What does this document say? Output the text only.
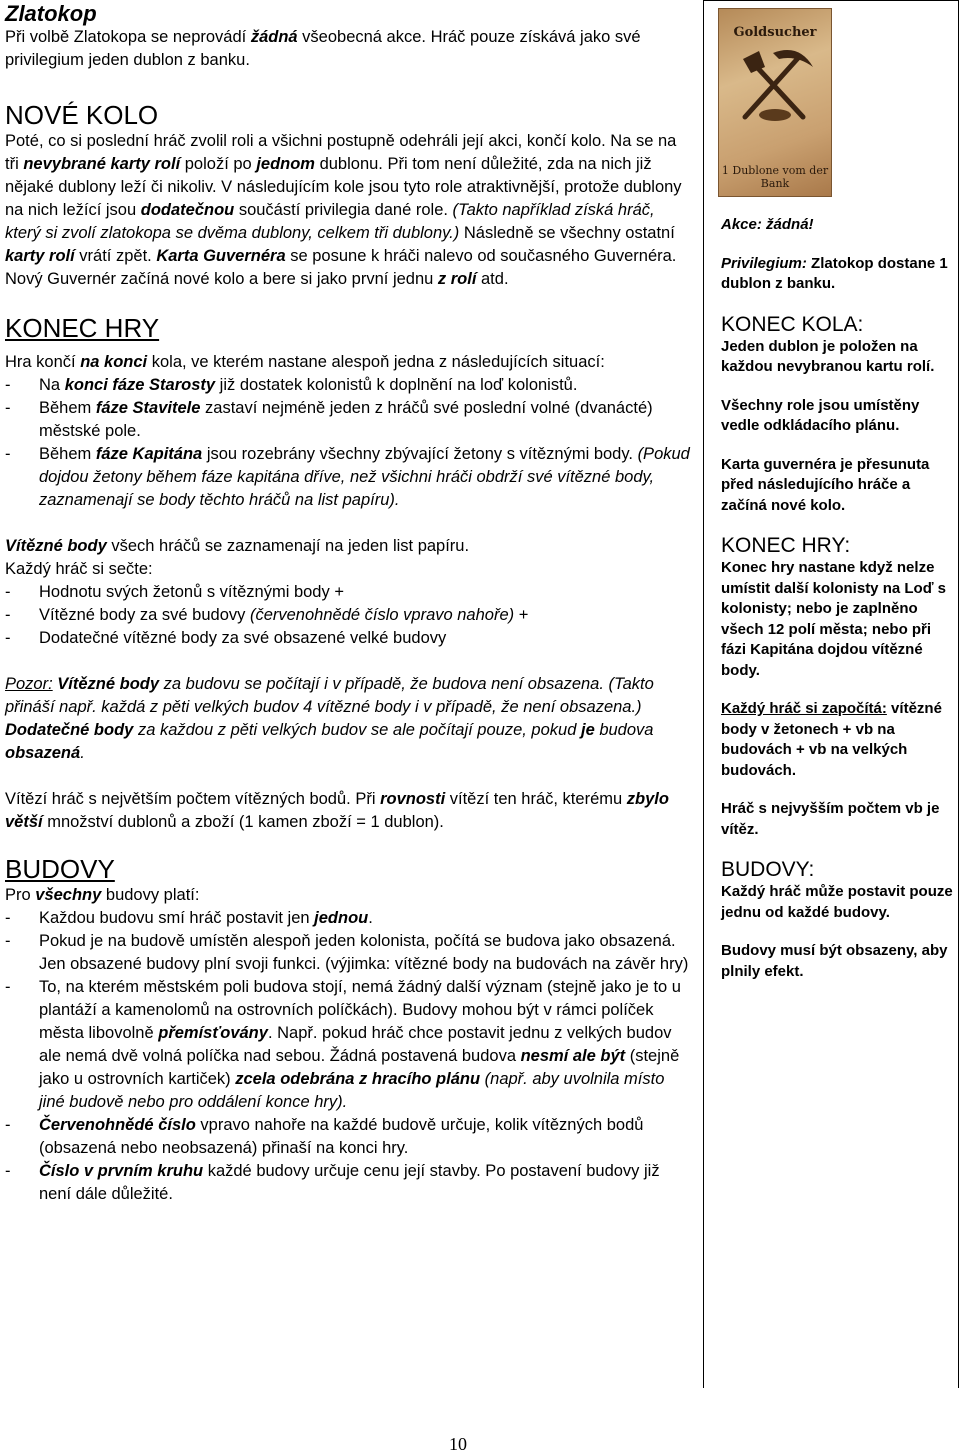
Zlatokop

Při volbě Zlatokopa se neprovádí žádná všeobecná akce. Hráč pouze získává jako své privilegium jeden dublon z banku.

NOVÉ KOLO

Poté, co si poslední hráč zvolil roli a všichni postupně odehráli její akci, končí kolo. Na se na tři nevybrané karty rolí položí po jednom dublonu. Při tom není důležité, zda na nich již nějaké dublony leží či nikoliv. V následujícím kole jsou tyto role atraktivnější, protože dublony na nich ležící jsou dodatečnou součástí privilegia dané role. (Takto například získá hráč, který si zvolí zlatokopa se dvěma dublony, celkem tři dublony.) Následně se všechny ostatní karty rolí vrátí zpět. Karta Guvernéra se posune k hráči nalevo od současného Guvernéra. Nový Guvernér začíná nové kolo a bere si jako první jednu z rolí atd.

KONEC HRY

Hra končí na konci kola, ve kterém nastane alespoň jedna z následujících situací:

-	Na konci fáze Starosty již dostatek kolonistů k doplnění na loď kolonistů.
-	Během fáze Stavitele zastaví nejméně jeden z hráčů své poslední volné (dvanácté) městské pole.
-	Během fáze Kapitána jsou rozebrány všechny zbývající žetony s vítěznými body. (Pokud dojdou žetony během fáze kapitána dříve, než všichni hráči obdrží své vítězné body, zaznamenají se body těchto hráčů na list papíru).

Vítězné body všech hráčů se zaznamenají na jeden list papíru.

Každý hráč si sečte:

-	Hodnotu svých žetonů s vítěznými body +
-	Vítězné body za své budovy (červenohnědé číslo vpravo nahoře) +
-	Dodatečné vítězné body za své obsazené velké budovy

Pozor: Vítězné body za budovu se počítají i v případě, že budova není obsazena. (Takto přináší např. každá z pěti velkých budov 4 vítězné body i v případě, že není obsazena.)

Dodatečné body za každou z pěti velkých budov se ale počítají pouze, pokud je budova obsazená.

Vítězí hráč s největším počtem vítězných bodů. Při rovnosti vítězí ten hráč, kterému zbylo větší množství dublonů a zboží (1 kamen zboží = 1 dublon).

BUDOVY

Pro všechny budovy platí:

-	Každou budovu smí hráč postavit jen jednou.
-	Pokud je na budově umístěn alespoň jeden kolonista, počítá se budova jako obsazená. Jen obsazené budovy plní svoji funkci. (výjimka: vítězné body na budovách na závěr hry)
-	To, na kterém městském poli budova stojí, nemá žádný další význam (stejně jako je to u plantáží a kamenolomů na ostrovních políčkách). Budovy mohou být v rámci políček města libovolně přemísťovány. Např. pokud hráč chce postavit jednu z velkých budov ale nemá dvě volná políčka nad sebou. Žádná postavená budova nesmí ale být (stejně jako u ostrovních kartiček) zcela odebrána z hracího plánu (např. aby uvolnila místo jiné budově nebo pro oddálení konce hry).
-	Červenohnědé číslo vpravo nahoře na každé budově určuje, kolik vítězných bodů (obsazená nebo neobsazená) přinaší na konci hry.
-	Číslo v prvním kruhu každé budovy určuje cenu její stavby. Po postavení budovy již není dále důležité.
Goldsucher
1 Dublone vom der Bank

Akce: žádná!

Privilegium: Zlatokop dostane 1 dublon z banku.

KONEC KOLA:

Jeden dublon je položen na každou nevybranou kartu rolí.

Všechny role jsou umístěny vedle odkládacího plánu.

Karta guvernéra je přesunuta před následujícího hráče a začíná nové kolo.

KONEC HRY:

Konec hry nastane když nelze umístit další kolonisty na Loď s kolonisty; nebo je zaplněno všech 12 polí města; nebo při fázi Kapitána dojdou vítězné body.

Každý hráč si započítá: vítězné body v žetonech + vb na budovách + vb na velkých budovách.

Hráč s nejvyšším počtem vb je vítěz.

BUDOVY:

Každý hráč může postavit pouze jednu od každé budovy.

Budovy musí být obsazeny, aby plnily efekt.

10
